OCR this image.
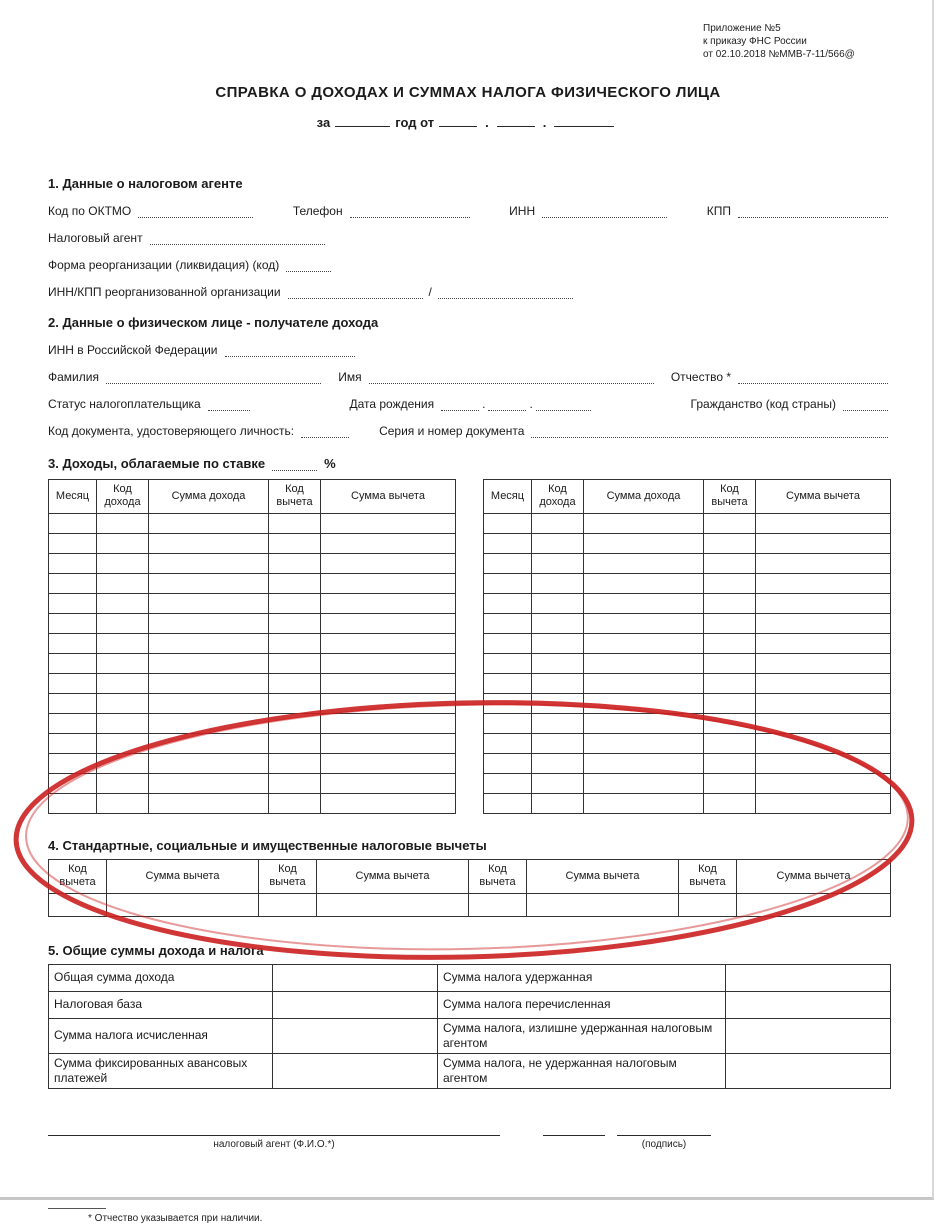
Приложение №5
к приказу ФНС России
от 02.10.2018 №ММВ-7-11/566@
СПРАВКА О ДОХОДАХ И СУММАХ НАЛОГА ФИЗИЧЕСКОГО ЛИЦА
за	год от	.	.
1. Данные о налоговом агенте
Код по ОКТМО	Телефон	ИНН	КПП
Налоговый агент
Форма реорганизации (ликвидация) (код)
ИНН/КПП реорганизованной организации	/
2. Данные о физическом лице - получателе дохода
ИНН в Российской Федерации
Фамилия	Имя	Отчество *
Статус налогоплательщика	Дата рождения	.	.	Гражданство (код страны)
Код документа, удостоверяющего личность:	Серия и номер документа
3. Доходы, облагаемые по ставке	%
Месяц	Код дохода	Сумма дохода	Код вычета	Сумма вычета

					Месяц	Код дохода	Сумма дохода	Код вычета	Сумма вычета

4. Стандартные, социальные и имущественные налоговые вычеты
Код вычета	Сумма вычета	Код вычета	Сумма вычета	Код вычета	Сумма вычета	Код вычета	Сумма вычета

5. Общие суммы дохода и налога
Общая сумма дохода		Сумма налога удержанная	
Налоговая база		Сумма налога перечисленная	
Сумма налога исчисленная		Сумма налога, излишне удержанная налоговым агентом	
Сумма фиксированных авансовых платежей		Сумма налога, не удержанная налоговым агентом	
налоговый агент (Ф.И.О.*)	(подпись)
* Отчество указывается при наличии.
